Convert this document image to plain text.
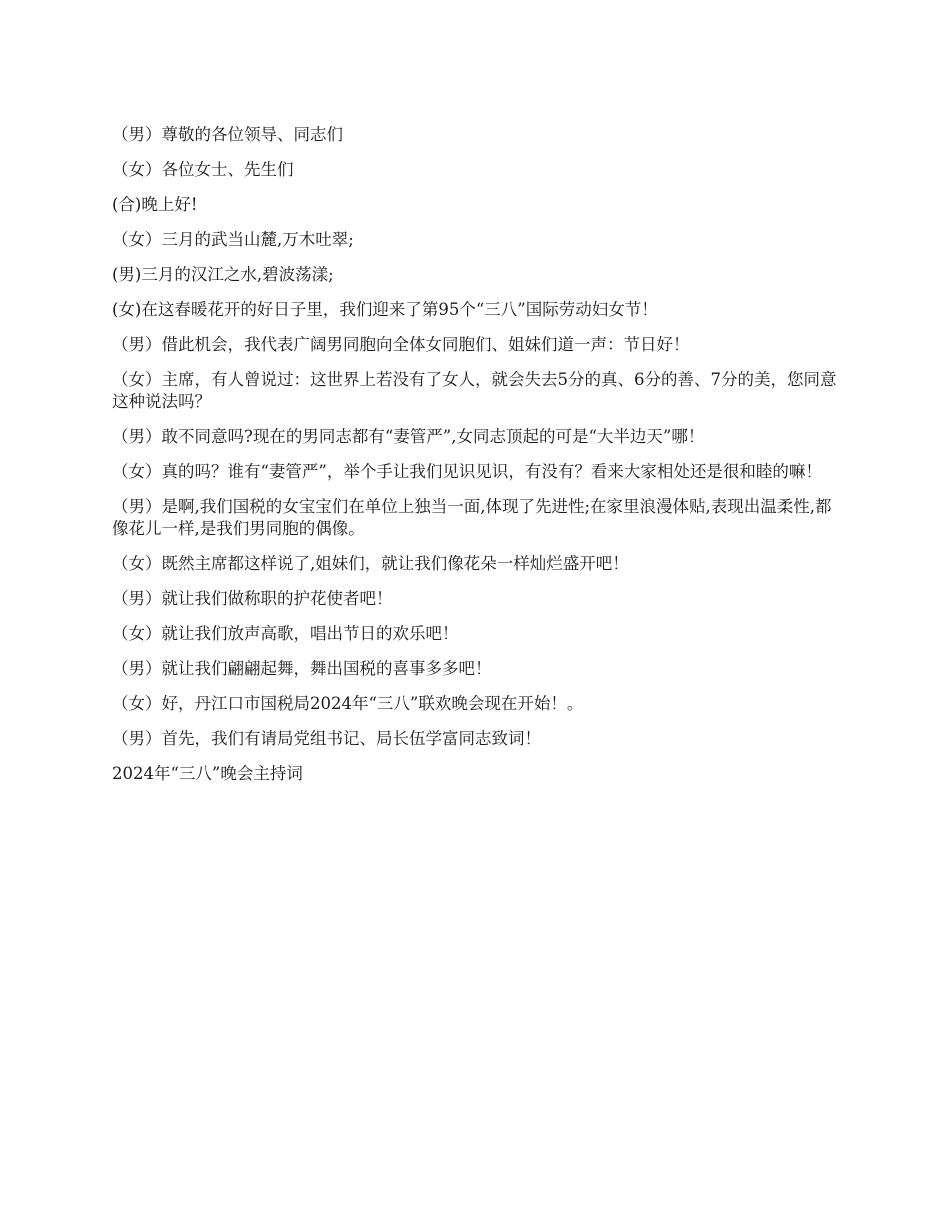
（男）尊敬的各位领导、同志们

（女）各位女士、先生们

(合)晚上好!

（女）三月的武当山麓,万木吐翠;

(男)三月的汉江之水,碧波荡漾;

(女)在这春暖花开的好日子里，我们迎来了第95个“三八”国际劳动妇女节！

（男）借此机会，我代表广阔男同胞向全体女同胞们、姐妹们道一声：节日好！

（女）主席，有人曾说过：这世界上若没有了女人，就会失去5分的真、6分的善、7分的美，您同意这种说法吗？

（男）敢不同意吗?现在的男同志都有“妻管严”,女同志顶起的可是“大半边天”哪！

（女）真的吗？谁有“妻管严”，举个手让我们见识见识，有没有？看来大家相处还是很和睦的嘛！

（男）是啊,我们国税的女宝宝们在单位上独当一面,体现了先进性;在家里浪漫体贴,表现出温柔性,都像花儿一样,是我们男同胞的偶像。

（女）既然主席都这样说了,姐妹们，就让我们像花朵一样灿烂盛开吧！

（男）就让我们做称职的护花使者吧！

（女）就让我们放声高歌，唱出节日的欢乐吧！

（男）就让我们翩翩起舞，舞出国税的喜事多多吧！

（女）好，丹江口市国税局2024年“三八”联欢晚会现在开始！。

（男）首先，我们有请局党组书记、局长伍学富同志致词！

2024年“三八”晚会主持词
